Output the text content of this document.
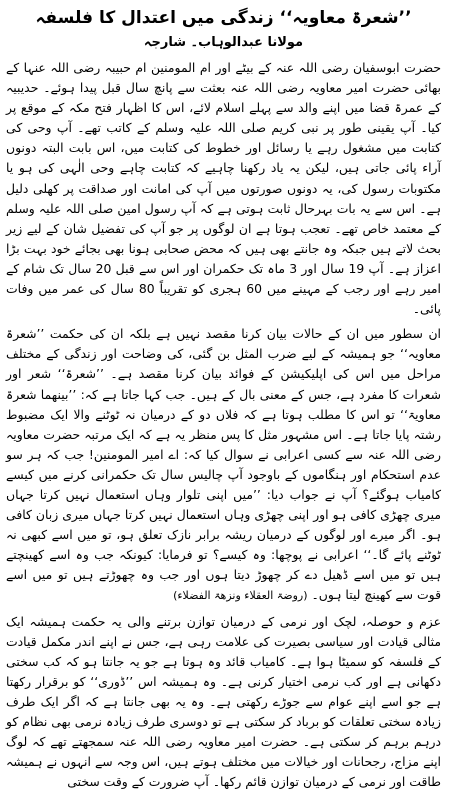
’’شعرۃ معاویہ‘‘ زندگی میں اعتدال کا فلسفہ
مولانا عبدالوہاب۔ شارجہ

حضرت ابوسفیان رضی اللہ عنہ کے بیٹے اور ام المومنین ام حبیبہ رضی اللہ عنہا کے بھائی حضرت امیر معاویہ رضی اللہ عنہ بعثت سے پانچ سال قبل پیدا ہوئے۔ حدیبیہ کے عمرۃ قضا میں اپنے والد سے پہلے اسلام لائے، اس کا اظہار فتح مکہ کے موقع پر کیا۔ آپ یقینی طور پر نبی کریم صلی اللہ علیہ وسلم کے کاتب تھے۔ آپ وحی کی کتابت میں مشغول رہے یا رسائل اور خطوط کی کتابت میں، اس بابت البتہ دونوں آراء پائی جاتی ہیں، لیکن یہ یاد رکھنا چاہیے کہ کتابت چاہے وحی الٰہی کی ہو یا مکتوبات رسول کی، یہ دونوں صورتوں میں آپ کی امانت اور صداقت پر کھلی دلیل ہے۔ اس سے یہ بات بہرحال ثابت ہوتی ہے کہ آپ رسول امین صلی اللہ علیہ وسلم کے معتمد خاص تھے۔ تعجب ہوتا ہے ان لوگوں پر جو آپ کی تفضیل شان کے لیے زیر بحث لاتے ہیں جبکہ وہ جانتے بھی ہیں کہ محض صحابی ہونا بھی بجائے خود بہت بڑا اعزاز ہے۔ آپ 19 سال اور 3 ماہ تک حکمران اور اس سے قبل 20 سال تک شام کے امیر رہے اور رجب کے مہینے میں 60 ہجری کو تقریباً 80 سال کی عمر میں وفات پائی۔

ان سطور میں ان کے حالات بیان کرنا مقصد نہیں ہے بلکہ ان کی حکمت ’’شعرۃ معاویہ‘‘ جو ہمیشہ کے لیے ضرب المثل بن گئی، کی وضاحت اور زندگی کے مختلف مراحل میں اس کی اپلیکیشن کے فوائد بیان کرنا مقصد ہے۔ ’’شعرۃ‘‘ شعر اور شعرات کا مفرد ہے، جس کے معنی بال کے ہیں۔ جب کہا جاتا ہے کہ: ’’بینھما شعرۃ معاویۃ‘‘ تو اس کا مطلب ہوتا ہے کہ فلاں دو کے درمیان نہ ٹوٹنے والا ایک مضبوط رشتہ پایا جاتا ہے۔ اس مشہور مثل کا پس منظر یہ ہے کہ ایک مرتبہ حضرت معاویہ رضی اللہ عنہ سے کسی اعرابی نے سوال کیا کہ: اے امیر المومنین! جب کہ ہر سو عدم استحکام اور ہنگاموں کے باوجود آپ چالیس سال تک حکمرانی کرنے میں کیسے کامیاب ہوگئے؟ آپ نے جواب دیا: ’’میں اپنی تلوار وہاں استعمال نہیں کرتا جہاں میری چھڑی کافی ہو اور اپنی چھڑی وہاں استعمال نہیں کرتا جہاں میری زبان کافی ہو۔ اگر میرے اور لوگوں کے درمیان ریشہ برابر نازک تعلق ہو، تو میں اسے کبھی نہ ٹوٹنے پائے گا۔‘‘ اعرابی نے پوچھا: وہ کیسے؟ تو فرمایا: کیونکہ جب وہ اسے کھینچتے ہیں تو میں اسے ڈھیل دے کر چھوڑ دیتا ہوں اور جب وہ چھوڑتے ہیں تو میں اسے قوت سے کھینچ لیتا ہوں۔ (روضۃ العقلاء ونزھۃ الفضلاء)

عزم و حوصلہ، لچک اور نرمی کے درمیان توازن برتنے والی یہ حکمت ہمیشہ ایک مثالی قیادت اور سیاسی بصیرت کی علامت رہی ہے، جس نے اپنے اندر مکمل قیادت کے فلسفہ کو سمیٹا ہوا ہے۔ کامیاب قائد وہ ہوتا ہے جو یہ جانتا ہو کہ کب سختی دکھانی ہے اور کب نرمی اختیار کرنی ہے۔ وہ ہمیشہ اس ’’ڈوری‘‘ کو برقرار رکھتا ہے جو اسے اپنے عوام سے جوڑے رکھتی ہے۔ وہ یہ بھی جانتا ہے کہ اگر ایک طرف زیادہ سختی تعلقات کو برباد کر سکتی ہے تو دوسری طرف زیادہ نرمی بھی نظام کو درہم برہم کر سکتی ہے۔ حضرت امیر معاویہ رضی اللہ عنہ سمجھتے تھے کہ لوگ اپنے مزاج، رجحانات اور خیالات میں مختلف ہوتے ہیں، اس وجہ سے انہوں نے ہمیشہ طاقت اور نرمی کے درمیان توازن قائم رکھا۔ آپ ضرورت کے وقت سختی
